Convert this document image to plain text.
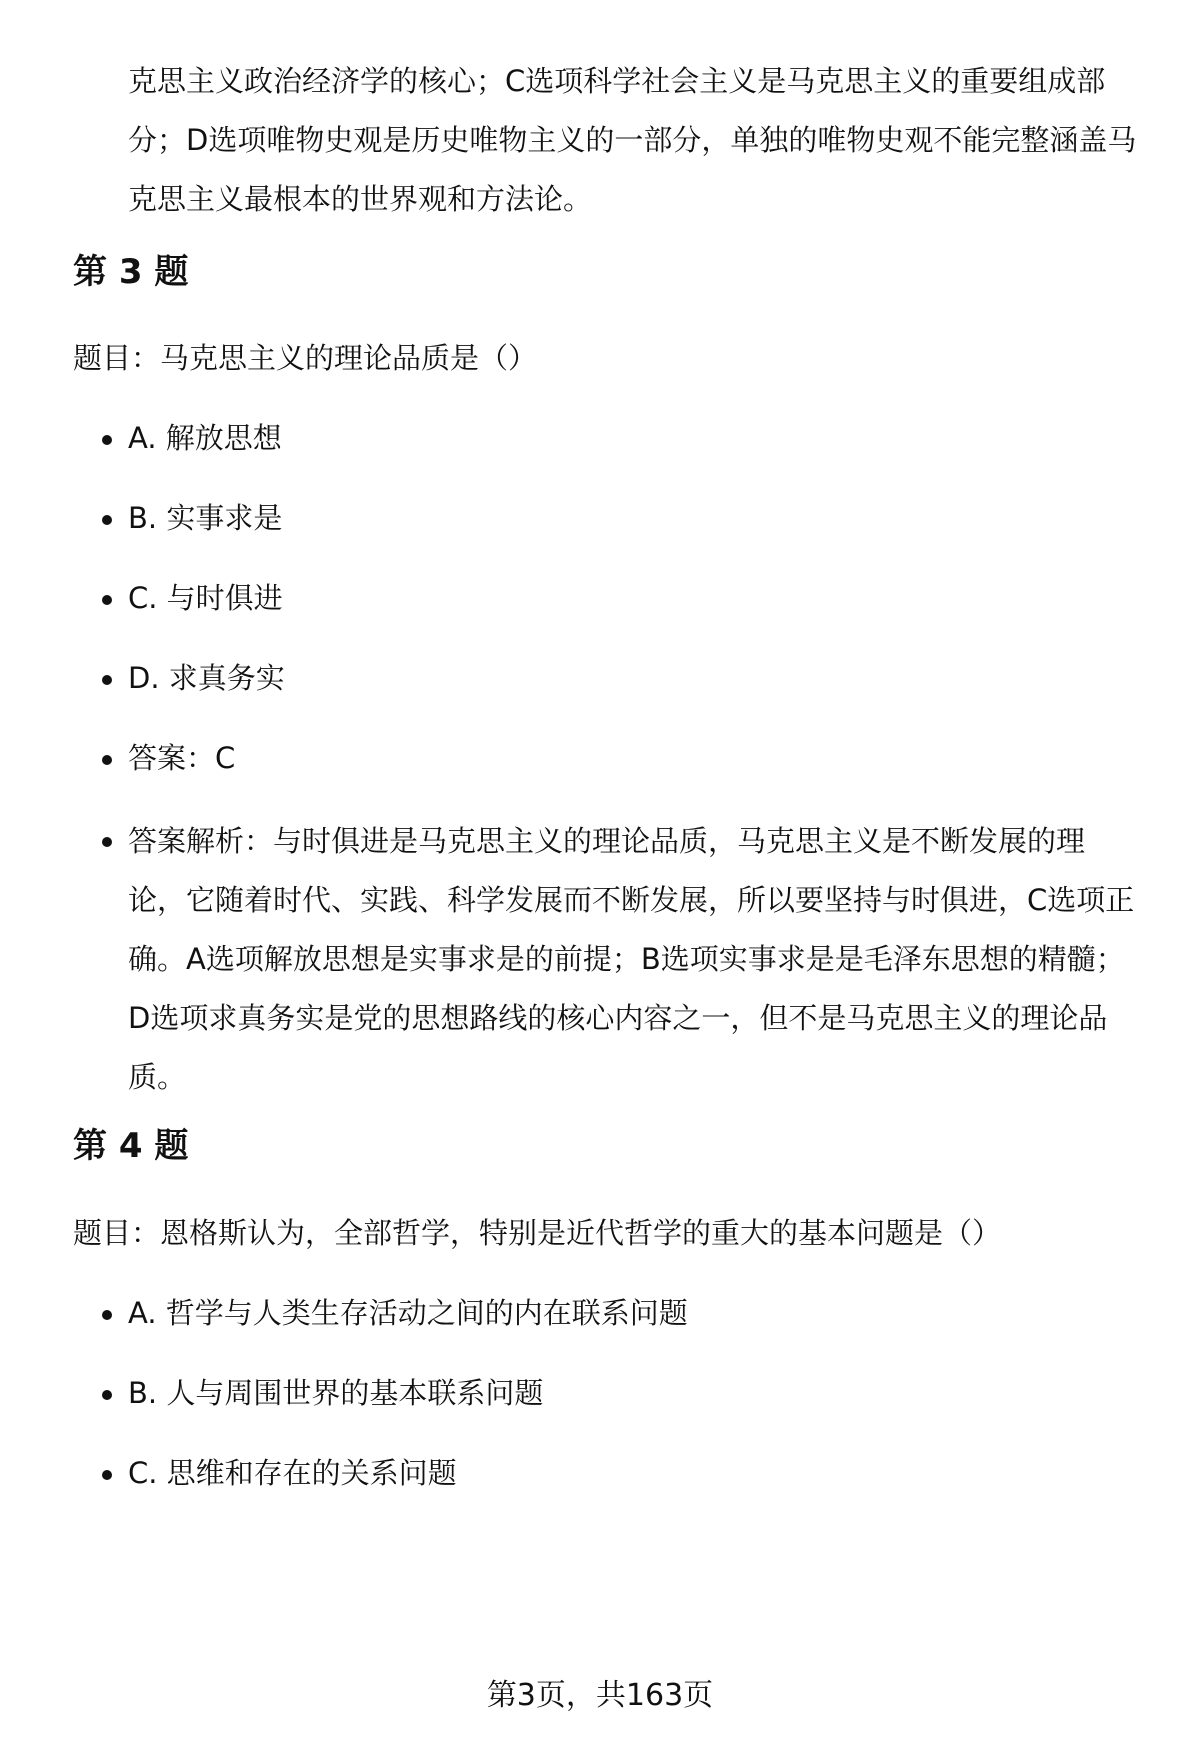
克思主义政治经济学的核心；C选项科学社会主义是马克思主义的重要组成部分；D选项唯物史观是历史唯物主义的一部分，单独的唯物史观不能完整涵盖马克思主义最根本的世界观和方法论。

第 3 题

题目：马克思主义的理论品质是（）

A. 解放思想

B. 实事求是

C. 与时俱进

D. 求真务实

答案：C

答案解析：与时俱进是马克思主义的理论品质，马克思主义是不断发展的理论，它随着时代、实践、科学发展而不断发展，所以要坚持与时俱进，C选项正确。A选项解放思想是实事求是的前提；B选项实事求是是毛泽东思想的精髓；D选项求真务实是党的思想路线的核心内容之一，但不是马克思主义的理论品质。

第 4 题

题目：恩格斯认为，全部哲学，特别是近代哲学的重大的基本问题是（）

A. 哲学与人类生存活动之间的内在联系问题

B. 人与周围世界的基本联系问题

C. 思维和存在的关系问题

第3页，共163页
